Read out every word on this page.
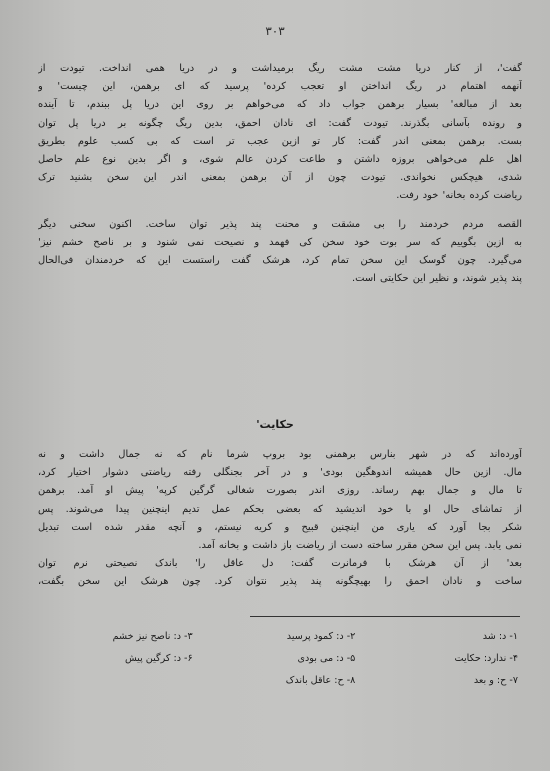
۳۰۳
گفت'، از کنار دریا مشت مشت ریگ برمیداشت و در دریا همی انداخت. تیودت از
آنهمه اهتمام در ریگ انداختن او تعجب کرده' پرسید که ای برهمن، این چیست' و
بعد از مبالغه' بسیار برهمن جواب داد که می‌خواهم بر روی این دریا پل ببندم، تا آینده
و رونده بآسانی بگذرند. تیودت گفت: ای نادان احمق، بدین ریگ چگونه بر دریا پل توان
بست. برهمن بمعنی اندر گفت: کار تو ازین عجب تر است که بی کسب علوم بطریق
اهل علم می‌خواهی بروزه داشتن و طاعت کردن عالم شوی، و اگر بدین نوع علم حاصل
شدی، هیچکس نخواندی. تیودت چون از آن برهمن بمعنی اندر این سخن بشنید ترک
ریاضت کرده بخانه' خود رفت.
القصه مردم خردمند را بی مشقت و محنت پند پذیر توان ساخت. اکنون سخنی دیگر
به ازین بگوییم که سر بوت خود سخن کی فهمد و نصیحت نمی شنود و بر ناصح خشم نیز'
می‌گیرد. چون گوسک این سخن تمام کرد، هرشک گفت راستست این که خردمندان فی‌الحال
پند پذیر شوند، و نظیر این حکایتی است.
حکایت'
آورده‌اند که در شهر بنارس برهمنی بود بروپ شرما نام که نه جمال داشت و نه
مال. ازین حال همیشه اندوهگین بودی' و در آخر بجنگلی رفته ریاضتی دشوار اختیار کرد،
تا مال و جمال بهم رساند. روزی اندر بصورت شغالی گرگین کرپه' پیش او آمد. برهمن
از تماشای حال او با خود اندیشید که بعضی بحکم عمل تدیم اینچنین پیدا می‌شوند. پس
شکر بجا آورد که یاری من اینچنین قبیح و کریه نیستم، و آنچه مقدر شده است تبدیل
نمی یابد. پس این سخن مقرر ساخته دست از ریاضت باز داشت و بخانه آمد.
بعد' از آن هرشک با فرمانرت گفت: دل عاقل را' باندک نصیحتی نرم توان
ساخت و نادان احمق را بهیچگونه پند پذیر نتوان کرد. چون هرشک این سخن بگفت،
۱- د: شد
۲- د: کمود پرسید
۳- د: ناصح نیز خشم
۴- ندارد: حکایت
۵- د: می بودی
۶- د: کرگین پیش
۷- ح: و بعد
۸- ح: عاقل باندک
